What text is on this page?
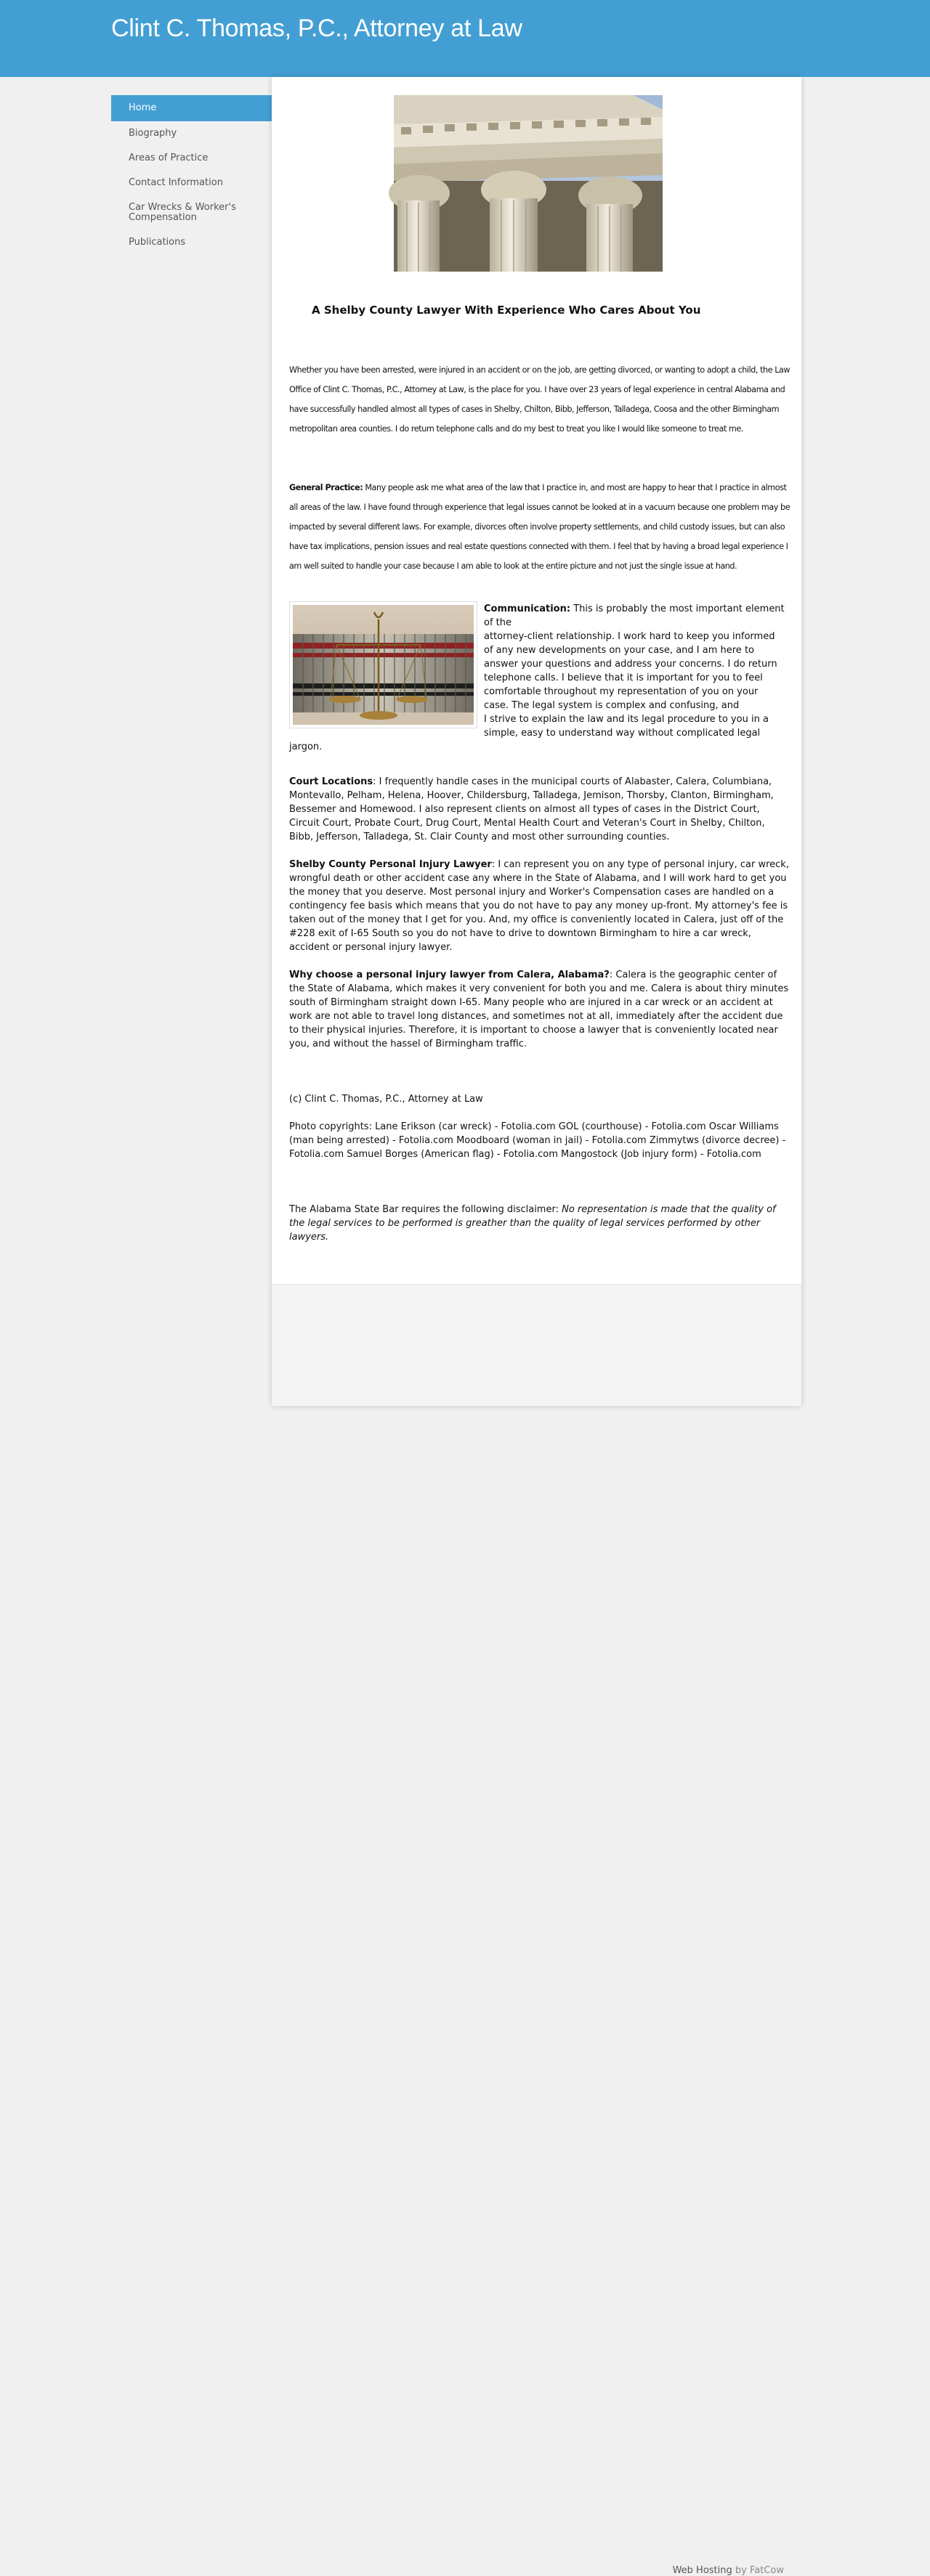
Clint C. Thomas, P.C., Attorney at Law
Home
Biography
Areas of Practice
Contact Information
Car Wrecks & Worker's Compensation
Publications
A Shelby County Lawyer With Experience Who Cares About You

Whether you have been arrested, were injured in an accident or on the job, are getting divorced, or wanting to adopt a child, the Law Office of Clint C. Thomas, P.C., Attorney at Law, is the place for you. I have over 23 years of legal experience in central Alabama and have successfully handled almost all types of cases in Shelby, Chilton, Bibb, Jefferson, Talladega, Coosa and the other Birmingham metropolitan area counties. I do return telephone calls and do my best to treat you like I would like someone to treat me.

General Practice: Many people ask me what area of the law that I practice in, and most are happy to hear that I practice in almost all areas of the law. I have found through experience that legal issues cannot be looked at in a vacuum because one problem may be impacted by several different laws. For example, divorces often involve property settlements, and child custody issues, but can also have tax implications, pension issues and real estate questions connected with them. I feel that by having a broad legal experience I am well suited to handle your case because I am able to look at the entire picture and not just the single issue at hand.

Communication: This is probably the most important element of the
attorney-client relationship. I work hard to keep you informed of any new developments on your case, and I am here to answer your questions and address your concerns. I do return telephone calls. I believe that it is important for you to feel comfortable throughout my representation of you on your case. The legal system is complex and confusing, and
I strive to explain the law and its legal procedure to you in a simple, easy to understand way without complicated legal
jargon.

Court Locations: I frequently handle cases in the municipal courts of Alabaster, Calera, Columbiana, Montevallo, Pelham, Helena, Hoover, Childersburg, Talladega, Jemison, Thorsby, Clanton, Birmingham, Bessemer and Homewood. I also represent clients on almost all types of cases in the District Court, Circuit Court, Probate Court, Drug Court, Mental Health Court and Veteran's Court in Shelby, Chilton, Bibb, Jefferson, Talladega, St. Clair County and most other surrounding counties.

Shelby County Personal Injury Lawyer: I can represent you on any type of personal injury, car wreck, wrongful death or other accident case any where in the State of Alabama, and I will work hard to get you the money that you deserve. Most personal injury and Worker's Compensation cases are handled on a contingency fee basis which means that you do not have to pay any money up-front. My attorney's fee is taken out of the money that I get for you. And, my office is conveniently located in Calera, just off of the #228 exit of I-65 South so you do not have to drive to downtown Birmingham to hire a car wreck, accident or personal injury lawyer.

Why choose a personal injury lawyer from Calera, Alabama?: Calera is the geographic center of the State of Alabama, which makes it very convenient for both you and me. Calera is about thiry minutes south of Birmingham straight down I-65. Many people who are injured in a car wreck or an accident at work are not able to travel long distances, and sometimes not at all, immediately after the accident due to their physical injuries. Therefore, it is important to choose a lawyer that is conveniently located near you, and without the hassel of Birmingham traffic.

(c) Clint C. Thomas, P.C., Attorney at Law

Photo copyrights: Lane Erikson (car wreck) - Fotolia.com GOL (courthouse) - Fotolia.com Oscar Williams (man being arrested) - Fotolia.com Moodboard (woman in jail) - Fotolia.com Zimmytws (divorce decree) - Fotolia.com Samuel Borges (American flag) - Fotolia.com Mangostock (Job injury form) - Fotolia.com

The Alabama State Bar requires the following disclaimer: No representation is made that the quality of the legal services to be performed is greather than the quality of legal services performed by other lawyers.

Web Hosting by FatCow
